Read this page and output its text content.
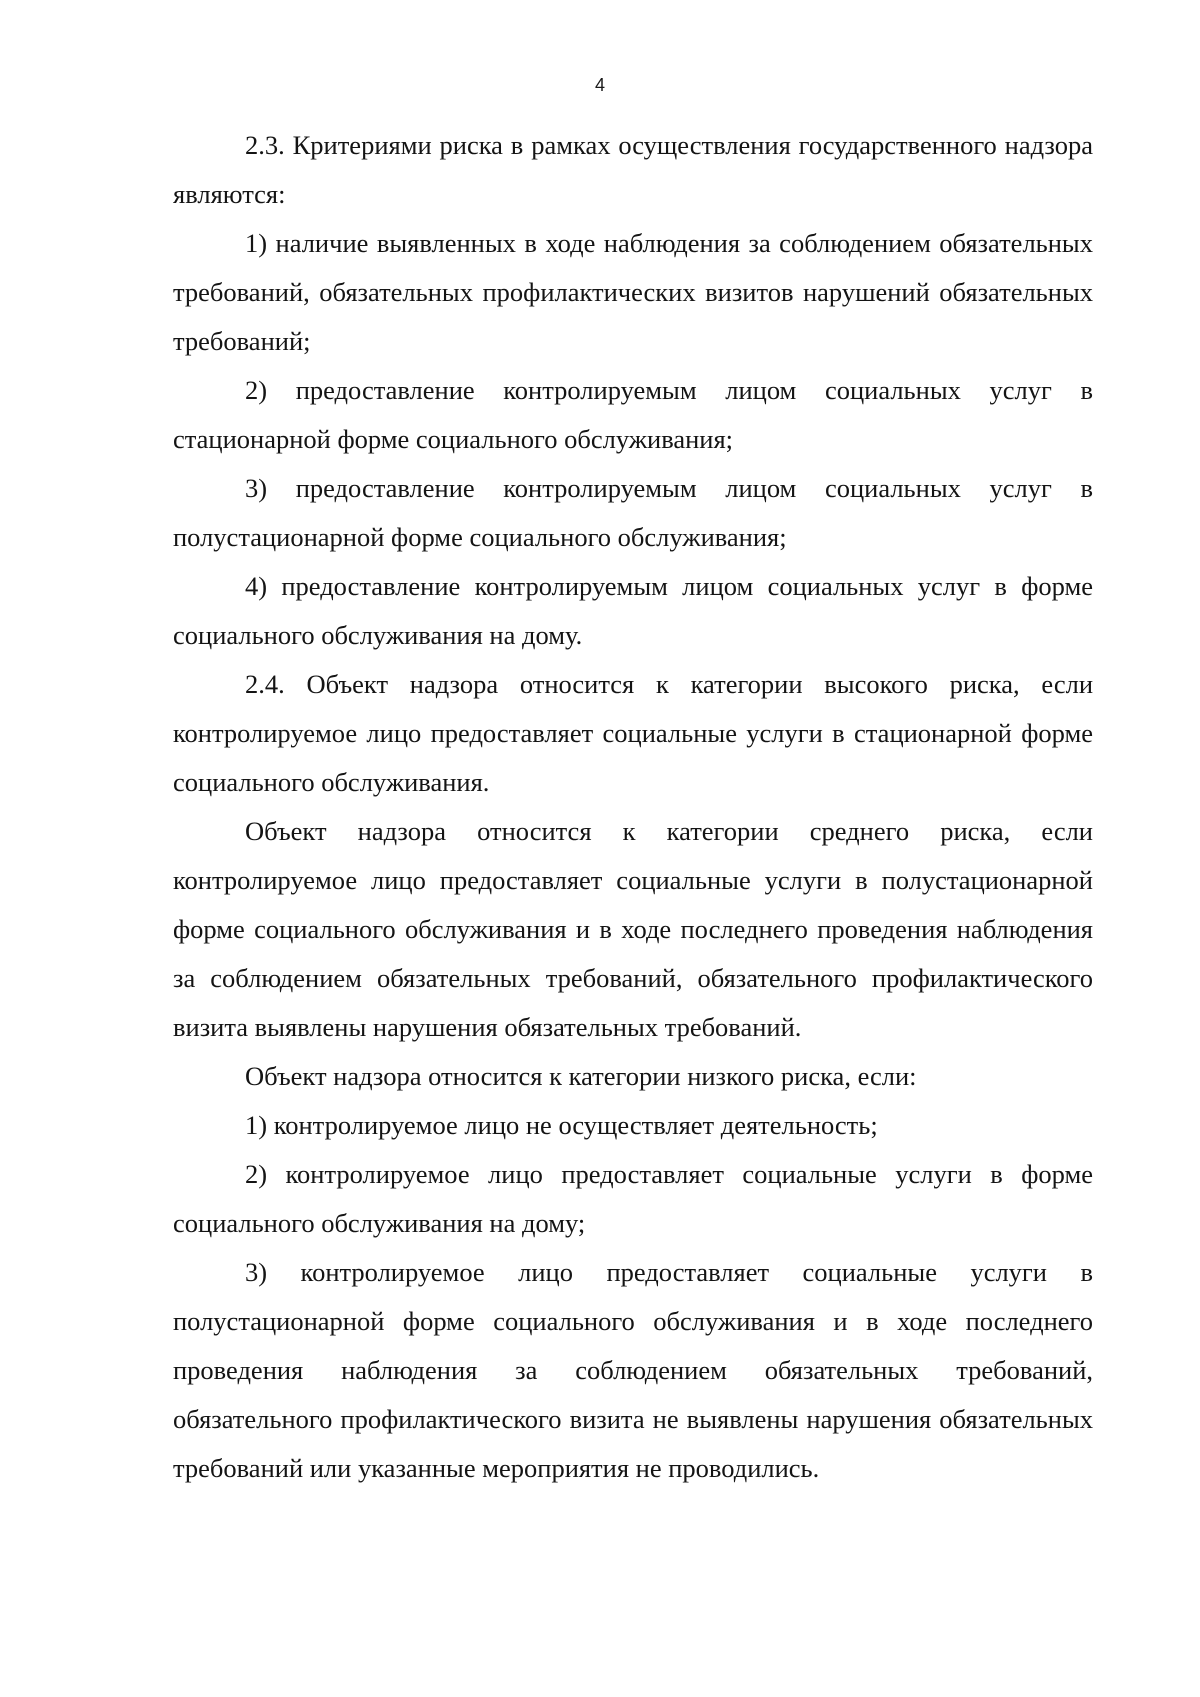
4

2.3. Критериями риска в рамках осуществления государственного надзора являются:

1) наличие выявленных в ходе наблюдения за соблюдением обязательных требований, обязательных профилактических визитов нарушений обязательных требований;

2) предоставление контролируемым лицом социальных услуг в стационарной форме социального обслуживания;

3) предоставление контролируемым лицом социальных услуг в полустационарной форме социального обслуживания;

4) предоставление контролируемым лицом социальных услуг в форме социального обслуживания на дому.

2.4. Объект надзора относится к категории высокого риска, если контролируемое лицо предоставляет социальные услуги в стационарной форме социального обслуживания.

Объект надзора относится к категории среднего риска, если контролируемое лицо предоставляет социальные услуги в полустационарной форме социального обслуживания и в ходе последнего проведения наблюдения за соблюдением обязательных требований, обязательного профилактического визита выявлены нарушения обязательных требований.

Объект надзора относится к категории низкого риска, если:

1) контролируемое лицо не осуществляет деятельность;

2) контролируемое лицо предоставляет социальные услуги в форме социального обслуживания на дому;

3) контролируемое лицо предоставляет социальные услуги в полустационарной форме социального обслуживания и в ходе последнего проведения наблюдения за соблюдением обязательных требований, обязательного профилактического визита не выявлены нарушения обязательных требований или указанные мероприятия не проводились.
